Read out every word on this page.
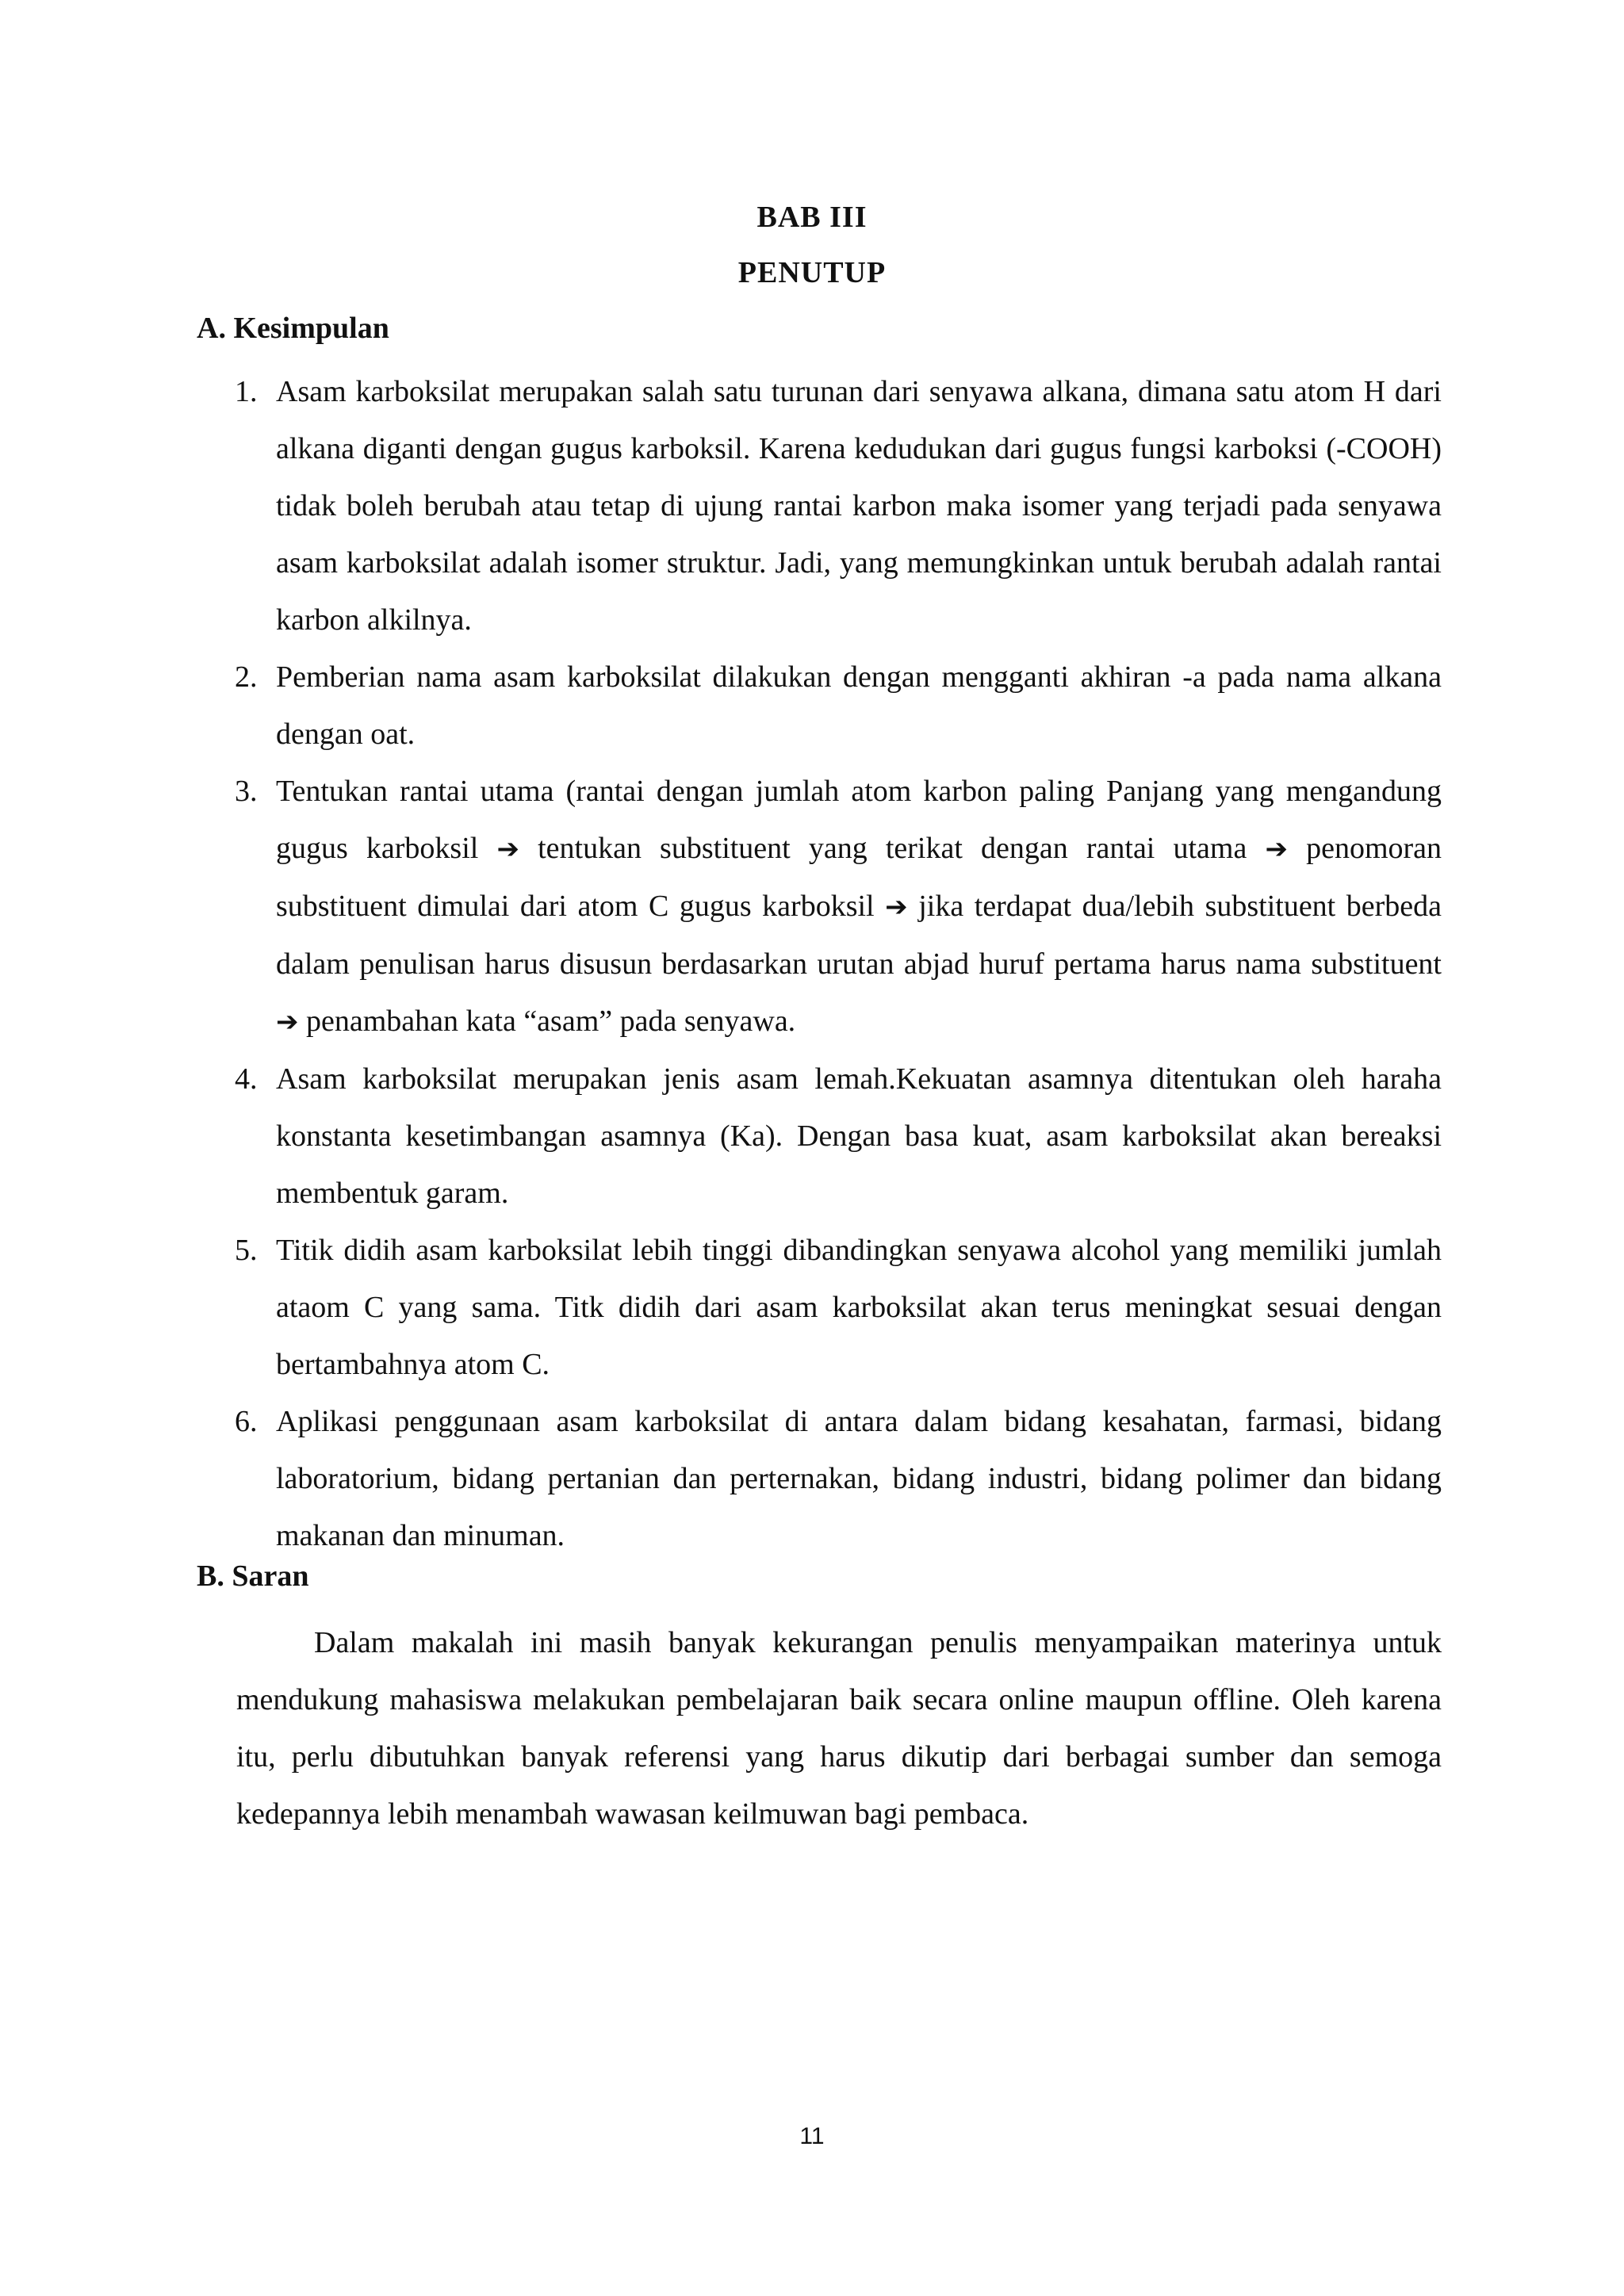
BAB III
PENUTUP
A. Kesimpulan
1. Asam karboksilat merupakan salah satu turunan dari senyawa alkana, dimana satu atom H dari alkana diganti dengan gugus karboksil. Karena kedudukan dari gugus fungsi karboksi (-COOH) tidak boleh berubah atau tetap di ujung rantai karbon maka isomer yang terjadi pada senyawa asam karboksilat adalah isomer struktur. Jadi, yang memungkinkan untuk berubah adalah rantai karbon alkilnya.
2. Pemberian nama asam karboksilat dilakukan dengan mengganti akhiran -a pada nama alkana dengan oat.
3. Tentukan rantai utama (rantai dengan jumlah atom karbon paling Panjang yang mengandung gugus karboksil ➔ tentukan substituent yang terikat dengan rantai utama ➔ penomoran substituent dimulai dari atom C gugus karboksil ➔ jika terdapat dua/lebih substituent berbeda dalam penulisan harus disusun berdasarkan urutan abjad huruf pertama harus nama substituent ➔ penambahan kata “asam” pada senyawa.
4. Asam karboksilat merupakan jenis asam lemah.Kekuatan asamnya ditentukan oleh haraha konstanta kesetimbangan asamnya (Ka). Dengan basa kuat, asam karboksilat akan bereaksi membentuk garam.
5. Titik didih asam karboksilat lebih tinggi dibandingkan senyawa alcohol yang memiliki jumlah ataom C yang sama. Titk didih dari asam karboksilat akan terus meningkat sesuai dengan bertambahnya atom C.
6. Aplikasi penggunaan asam karboksilat di antara dalam bidang kesahatan, farmasi, bidang laboratorium, bidang pertanian dan perternakan, bidang industri, bidang polimer dan bidang makanan dan minuman.
B. Saran

Dalam makalah ini masih banyak kekurangan penulis menyampaikan materinya untuk mendukung mahasiswa melakukan pembelajaran baik secara online maupun offline. Oleh karena itu, perlu dibutuhkan banyak referensi yang harus dikutip dari berbagai sumber dan semoga kedepannya lebih menambah wawasan keilmuwan bagi pembaca.

11
